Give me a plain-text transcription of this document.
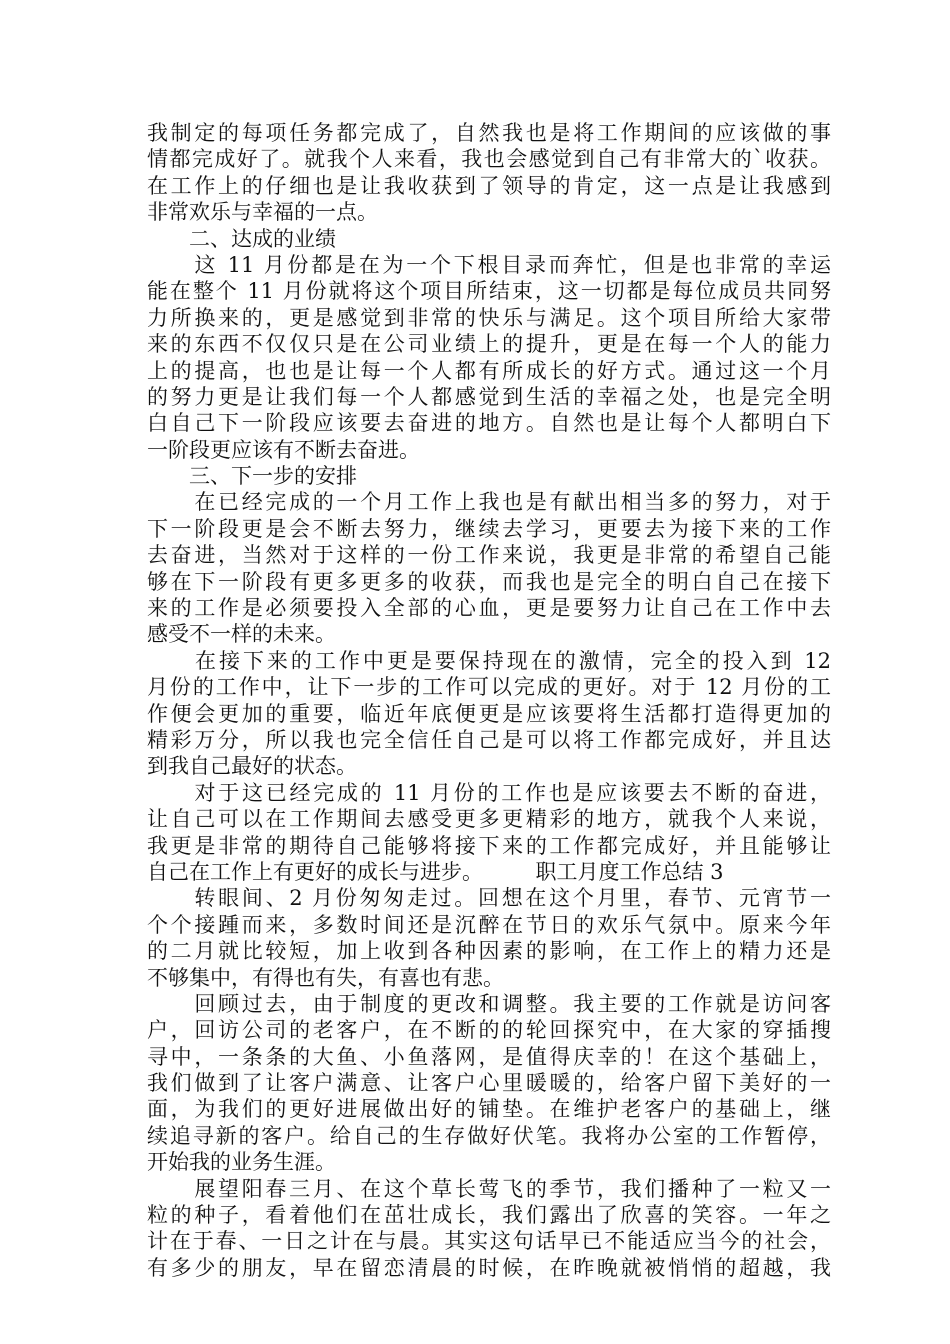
我制定的每项任务都完成了，自然我也是将工作期间的应该做的事
情都完成好了。就我个人来看，我也会感觉到自己有非常大的`收获。
在工作上的仔细也是让我收获到了领导的肯定，这一点是让我感到
非常欢乐与幸福的一点。
　　二、达成的业绩
　　这 11 月份都是在为一个下根目录而奔忙，但是也非常的幸运
能在整个 11 月份就将这个项目所结束，这一切都是每位成员共同努
力所换来的，更是感觉到非常的快乐与满足。这个项目所给大家带
来的东西不仅仅只是在公司业绩上的提升，更是在每一个人的能力
上的提高，也也是让每一个人都有所成长的好方式。通过这一个月
的努力更是让我们每一个人都感觉到生活的幸福之处，也是完全明
白自己下一阶段应该要去奋进的地方。自然也是让每个人都明白下
一阶段更应该有不断去奋进。
　　三、下一步的安排
　　在已经完成的一个月工作上我也是有献出相当多的努力，对于
下一阶段更是会不断去努力，继续去学习，更要去为接下来的工作
去奋进，当然对于这样的一份工作来说，我更是非常的希望自己能
够在下一阶段有更多更多的收获，而我也是完全的明白自己在接下
来的工作是必须要投入全部的心血，更是要努力让自己在工作中去
感受不一样的未来。
　　在接下来的工作中更是要保持现在的激情，完全的投入到 12
月份的工作中，让下一步的工作可以完成的更好。对于 12 月份的工
作便会更加的重要，临近年底便更是应该要将生活都打造得更加的
精彩万分，所以我也完全信任自己是可以将工作都完成好，并且达
到我自己最好的状态。
　　对于这已经完成的 11 月份的工作也是应该要去不断的奋进，
让自己可以在工作期间去感受更多更精彩的地方，就我个人来说，
我更是非常的期待自己能够将接下来的工作都完成好，并且能够让
自己在工作上有更好的成长与进步。　　　职工月度工作总结 3
　　转眼间、2 月份匆匆走过。回想在这个月里，春节、元宵节一
个个接踵而来，多数时间还是沉醉在节日的欢乐气氛中。原来今年
的二月就比较短，加上收到各种因素的影响，在工作上的精力还是
不够集中，有得也有失，有喜也有悲。
　　回顾过去，由于制度的更改和调整。我主要的工作就是访问客
户，回访公司的老客户，在不断的的轮回探究中，在大家的穿插搜
寻中，一条条的大鱼、小鱼落网，是值得庆幸的！在这个基础上，
我们做到了让客户满意、让客户心里暖暖的，给客户留下美好的一
面，为我们的更好进展做出好的铺垫。在维护老客户的基础上，继
续追寻新的客户。给自己的生存做好伏笔。我将办公室的工作暂停，
开始我的业务生涯。
　　展望阳春三月、在这个草长莺飞的季节，我们播种了一粒又一
粒的种子，看着他们在茁壮成长，我们露出了欣喜的笑容。一年之
计在于春、一日之计在与晨。其实这句话早已不能适应当今的社会，
有多少的朋友，早在留恋清晨的时候，在昨晚就被悄悄的超越，我
